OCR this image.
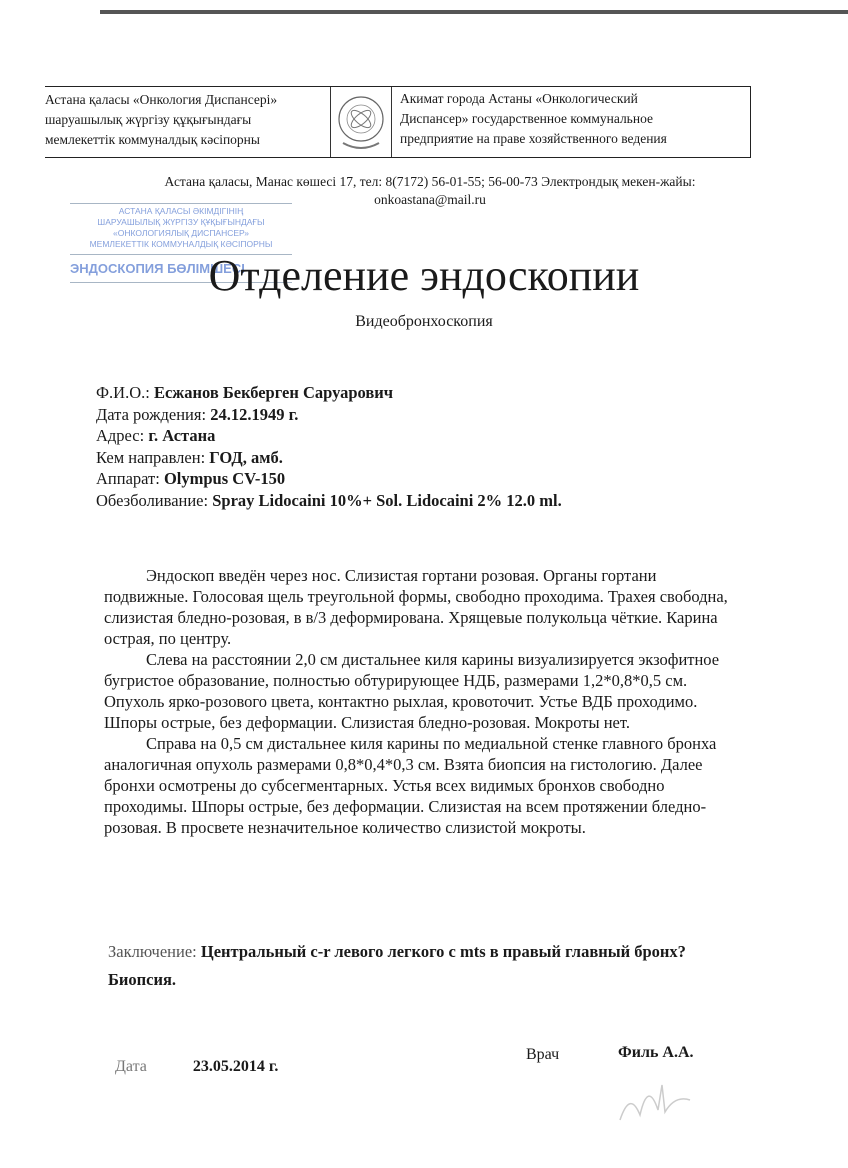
Астана қаласы «Онкология Диспансері»
шаруашылық жүргізу құқығындағы
мемлекеттік коммуналдық кәсіпорны
Акимат города Астаны «Онкологический
Диспансер» государственное коммунальное
предприятие на праве хозяйственного ведения
Астана қаласы, Манас көшесі 17, тел: 8(7172) 56-01-55; 56-00-73 Электрондық мекен-жайы:
onkoastana@mail.ru
АСТАНА ҚАЛАСЫ ӘКІМДІГІНІҢ
ШАРУАШЫЛЫҚ ЖҮРГІЗУ ҚҰҚЫҒЫНДАҒЫ
«ОНКОЛОГИЯЛЫҚ ДИСПАНСЕР»
МЕМЛЕКЕТТІК КОММУНАЛДЫҚ КӘСІПОРНЫ
ЭНДОСКОПИЯ БӨЛІМШЕСІ
Отделение эндоскопии
Видеобронхоскопия
Ф.И.О.: Есжанов Бекберген Саруарович
Дата рождения: 24.12.1949 г.
Адрес: г. Астана
Кем направлен: ГОД, амб.
Аппарат: Olympus CV-150
Обезболивание: Spray Lidocaini 10%+ Sol. Lidocaini 2% 12.0 ml.

Эндоскоп введён через нос. Слизистая гортани розовая. Органы гортани подвижные. Голосовая щель треугольной формы, свободно проходима. Трахея свободна, слизистая бледно-розовая, в в/3 деформирована. Хрящевые полукольца чёткие. Карина острая, по центру.

Слева на расстоянии 2,0 см дистальнее киля карины визуализируется экзофитное бугристое образование, полностью обтурирующее НДБ, размерами 1,2*0,8*0,5 см. Опухоль ярко-розового цвета, контактно рыхлая, кровоточит. Устье ВДБ проходимо. Шпоры острые, без деформации. Слизистая бледно-розовая. Мокроты нет.

Справа на 0,5 см дистальнее киля карины по медиальной стенке главного бронха аналогичная опухоль размерами 0,8*0,4*0,3 см. Взята биопсия на гистологию. Далее бронхи осмотрены до субсегментарных. Устья всех видимых бронхов свободно проходимы. Шпоры острые, без деформации. Слизистая на всем протяжении бледно-розовая. В просвете незначительное количество слизистой мокроты.

Заключение: Центральный с-r левого легкого с mts в правый главный бронх? Биопсия.
Дата	23.05.2014 г.
Врач	Филь А.А.
